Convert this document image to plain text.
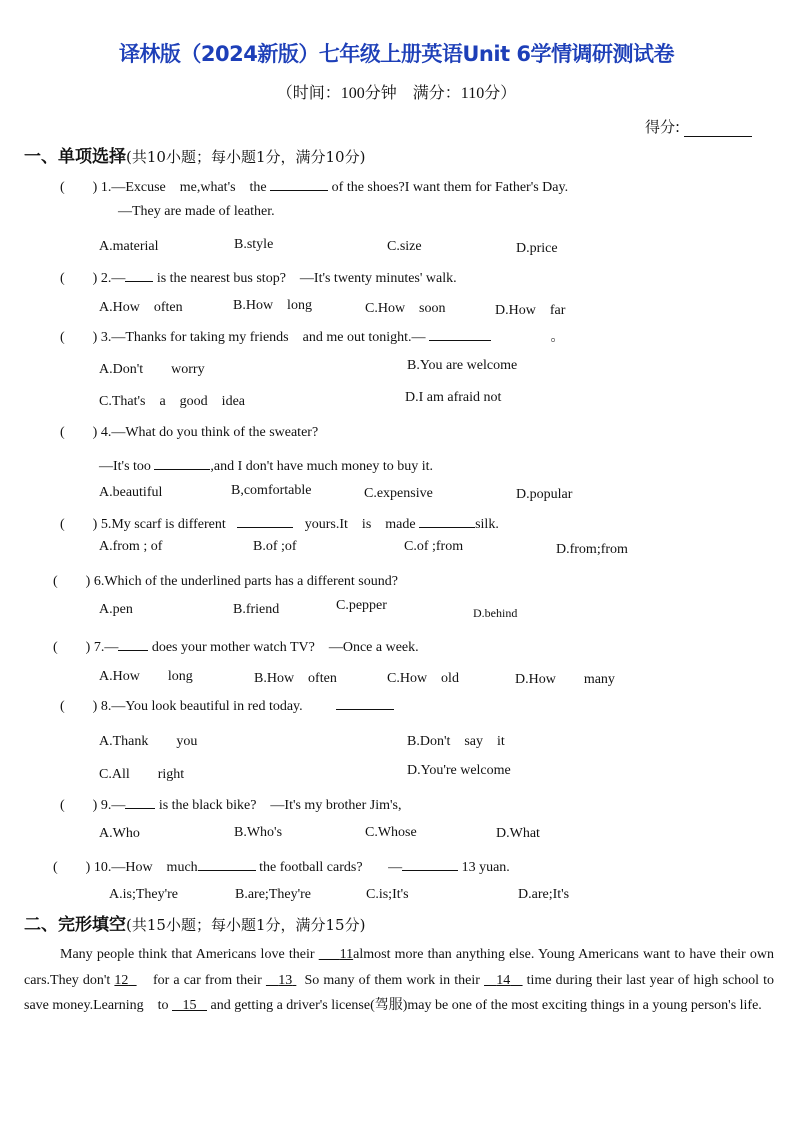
译林版（2024新版）七年级上册英语Unit 6学情调研测试卷
（时间：100分钟　满分：110分）
得分:
一、单项选择(共10小题；每小题1分，满分10分)
(　　) 1.—Excuse　me,what's　the	of the shoes?I want them for Father's Day.
—They are made of leather.
A.material	B.style	C.size	D.price
(　　) 2.— is the nearest bus stop?　—It's twenty minutes' walk.
A.How　often	B.How　long	C.How　soon	D.How　far
(　　) 3.—Thanks for taking my friends　and me out tonight.—	。
A.Don't　　worry	B.You are welcome
C.That's　a　good　idea	D.I am afraid not
(　　) 4.—What do you think of the sweater?
—It's too	,and I don't have much money to buy it.
A.beautiful	B,comfortable	C.expensive	D.popular
(　　) 5.My scarf is different	yours.It　is　made	silk.
A.from ; of	B.of ;of	C.of ;from	D.from;from
(　　) 6.Which of the underlined parts has a different sound?
A.pen	B.friend	C.pepper	D.behind
(　　) 7.— does your mother watch TV?　—Once a week.
A.How　　long	B.How　often	C.How　old	D.How　　many
(　　) 8.—You look beautiful in red today.
A.Thank　　you	B.Don't　say　it
C.All　　right	D.You're welcome
(　　) 9.— is the black bike?　—It's my brother Jim's,
A.Who	B.Who's	C.Whose	D.What
(　　) 10.—How　much	the football cards? —	13 yuan.
A.is;They're	B.are;They're	C.is;It's	D.are;It's
二、完形填空(共15小题；每小题1分，满分15分)
Many people think that Americans love their 11almost more than anything else. Young Americans want to have their own cars.They don't 12 for a car from their 13 So many of them work in their 14 time during their last year of high school to save money.Learning　to 15 and getting a driver's license(驾服)may be one of the most exciting things in a young person's life.
